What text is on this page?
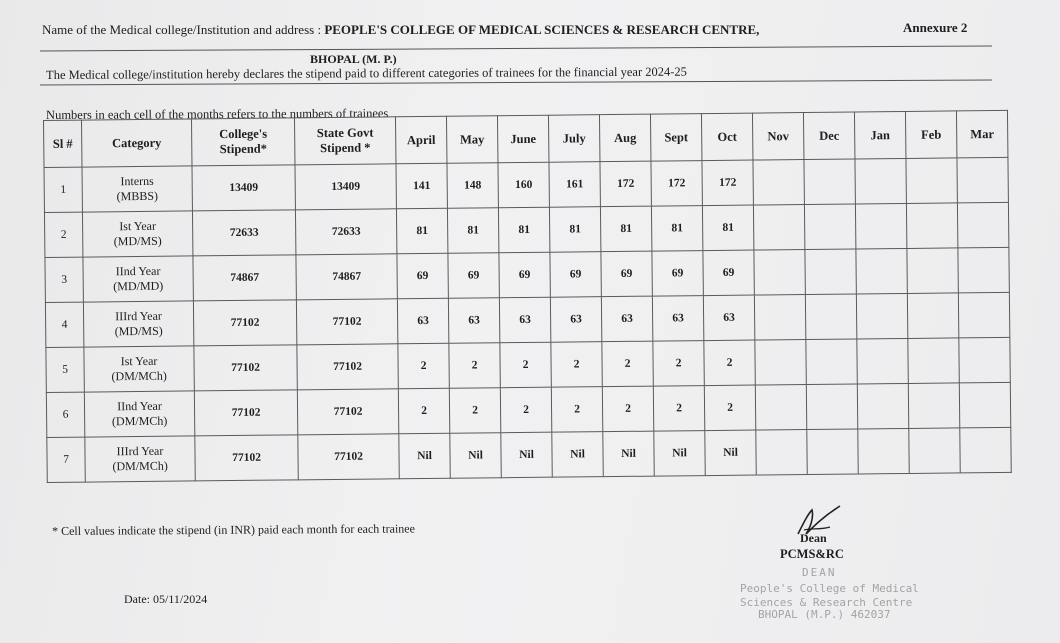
Annexure 2
Name of the Medical college/Institution and address : PEOPLE'S COLLEGE OF MEDICAL SCIENCES & RESEARCH CENTRE,
BHOPAL (M. P.)
The Medical college/institution hereby declares the stipend paid to different categories of trainees for the financial year 2024-25
Numbers in each cell of the months refers to the numbers of trainees
Sl #	Category	College's Stipend*	State Govt Stipend *	April	May	June	July	Aug	Sept	Oct	Nov	Dec	Jan	Feb	Mar
1	Interns
(MBBS)	13409	13409	141	148	160	161	172	172	172					
2	Ist Year
(MD/MS)	72633	72633	81	81	81	81	81	81	81					
3	IInd Year
(MD/MD)	74867	74867	69	69	69	69	69	69	69					
4	IIIrd Year
(MD/MS)	77102	77102	63	63	63	63	63	63	63					
5	Ist Year
(DM/MCh)	77102	77102	2	2	2	2	2	2	2					
6	IInd Year
(DM/MCh)	77102	77102	2	2	2	2	2	2	2					
7	IIIrd Year
(DM/MCh)	77102	77102	Nil	Nil	Nil	Nil	Nil	Nil	Nil					
* Cell values indicate the stipend (in INR) paid each month for each trainee
Date: 05/11/2024
Dean
PCMS&RC
DEAN
People's College of Medical
Sciences & Research Centre
BHOPAL (M.P.) 462037
